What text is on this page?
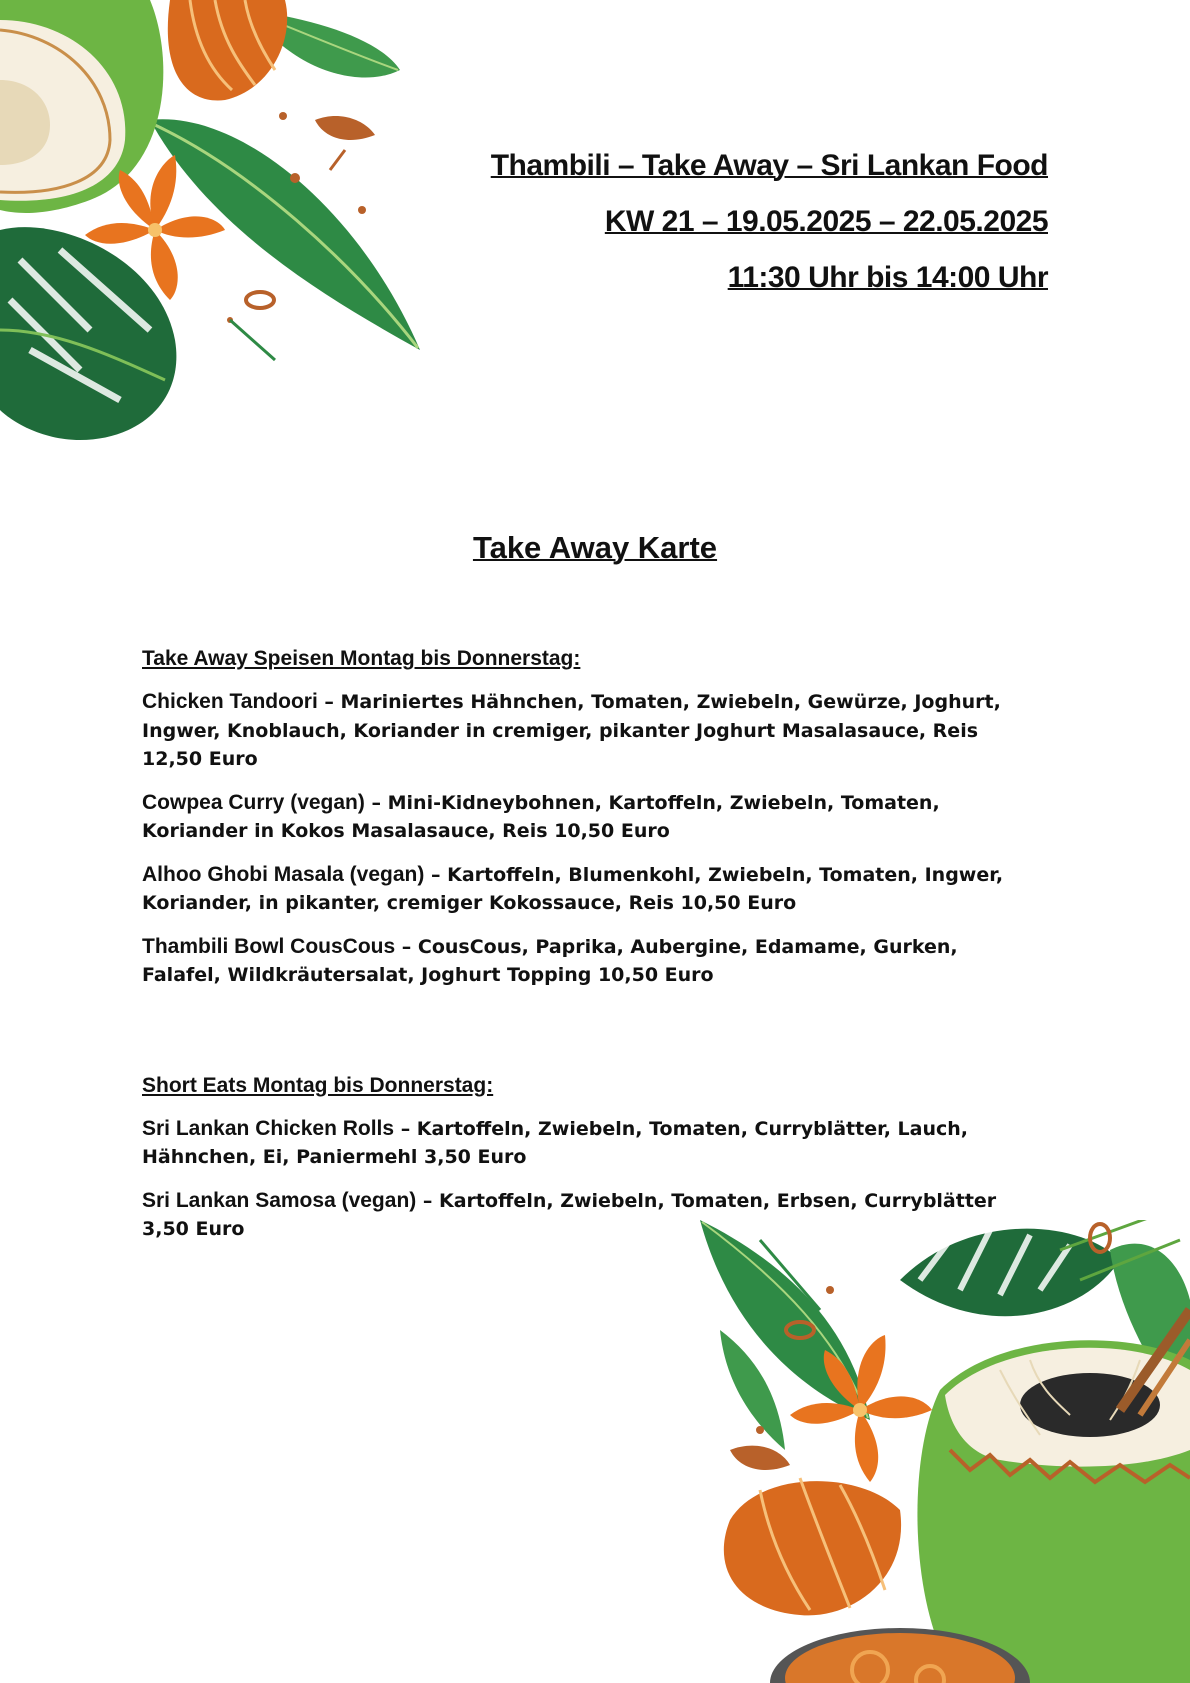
Thambili – Take Away – Sri Lankan Food
KW 21 – 19.05.2025 – 22.05.2025
11:30 Uhr bis 14:00 Uhr
Take Away Karte
Take Away Speisen Montag bis Donnerstag:

Chicken Tandoori – Mariniertes Hähnchen, Tomaten, Zwiebeln, Gewürze, Joghurt, Ingwer, Knoblauch, Koriander in cremiger, pikanter Joghurt Masalasauce, Reis 12,50 Euro

Cowpea Curry (vegan) – Mini-Kidneybohnen, Kartoffeln, Zwiebeln, Tomaten, Koriander in Kokos Masalasauce, Reis 10,50 Euro

Alhoo Ghobi Masala (vegan) – Kartoffeln, Blumenkohl, Zwiebeln, Tomaten, Ingwer, Koriander, in pikanter, cremiger Kokossauce, Reis 10,50 Euro

Thambili Bowl CousCous – CousCous, Paprika, Aubergine, Edamame, Gurken, Falafel, Wildkräutersalat, Joghurt Topping 10,50 Euro

Short Eats Montag bis Donnerstag:

Sri Lankan Chicken Rolls – Kartoffeln, Zwiebeln, Tomaten, Curryblätter, Lauch, Hähnchen, Ei, Paniermehl 3,50 Euro

Sri Lankan Samosa (vegan) – Kartoffeln, Zwiebeln, Tomaten, Erbsen, Curryblätter 3,50 Euro
